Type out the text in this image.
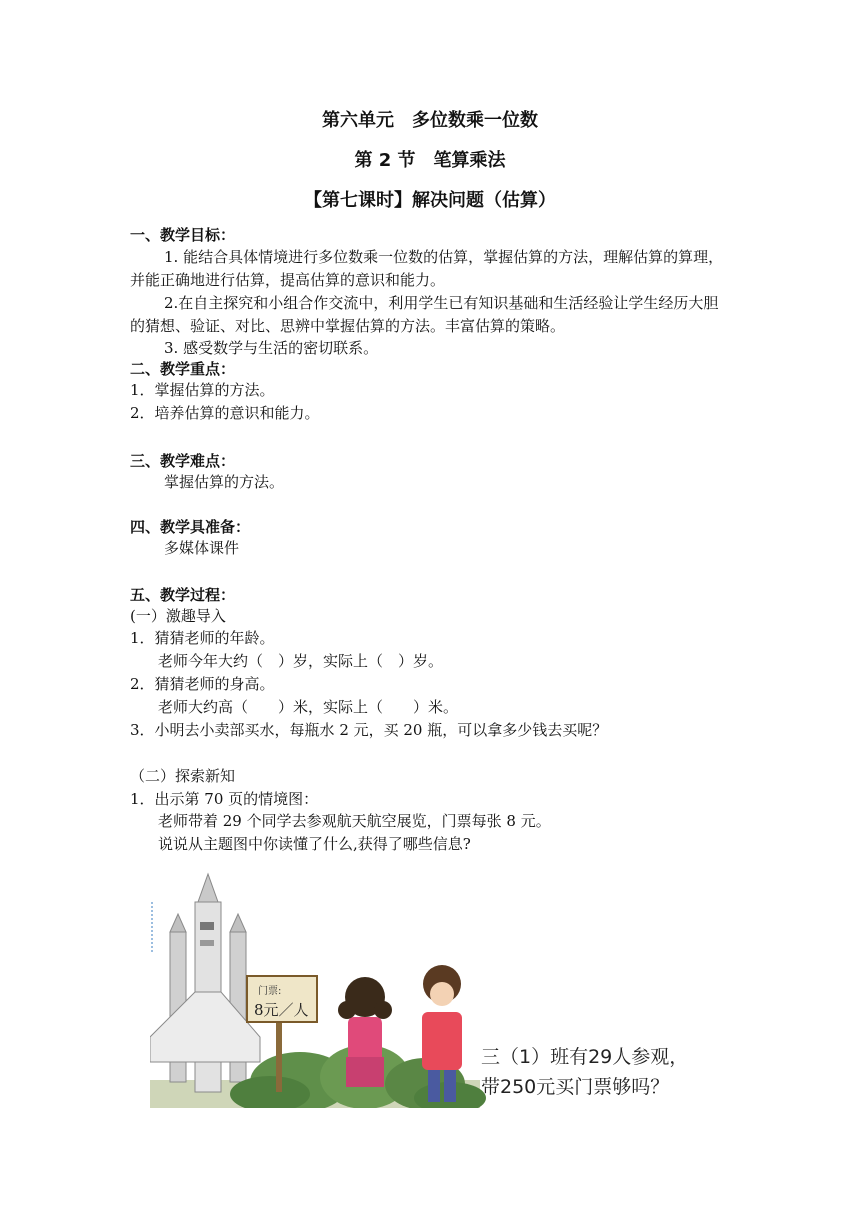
第六单元　多位数乘一位数
第 2 节　笔算乘法
【第七课时】解决问题（估算）
一、教学目标：
1. 能结合具体情境进行多位数乘一位数的估算，掌握估算的方法，理解估算的算理，并能正确地进行估算，提高估算的意识和能力。
2.在自主探究和小组合作交流中，利用学生已有知识基础和生活经验让学生经历大胆的猜想、验证、对比、思辨中掌握估算的方法。丰富估算的策略。
3. 感受数学与生活的密切联系。
二、教学重点：
1．掌握估算的方法。
2．培养估算的意识和能力。
三、教学难点：
掌握估算的方法。
四、教学具准备：
多媒体课件
五、教学过程：
(一）激趣导入
1．猜猜老师的年龄。
老师今年大约（　）岁，实际上（　）岁。
2．猜猜老师的身高。
老师大约高（　　）米，实际上（　　）米。
3．小明去小卖部买水，每瓶水 2 元，买 20 瓶，可以拿多少钱去买呢？
（二）探索新知
1．出示第 70 页的情境图：
老师带着 29 个同学去参观航天航空展览，门票每张 8 元。
说说从主题图中你读懂了什么,获得了哪些信息?
门票:
8元／人
三（1）班有29人参观，
带250元买门票够吗？
